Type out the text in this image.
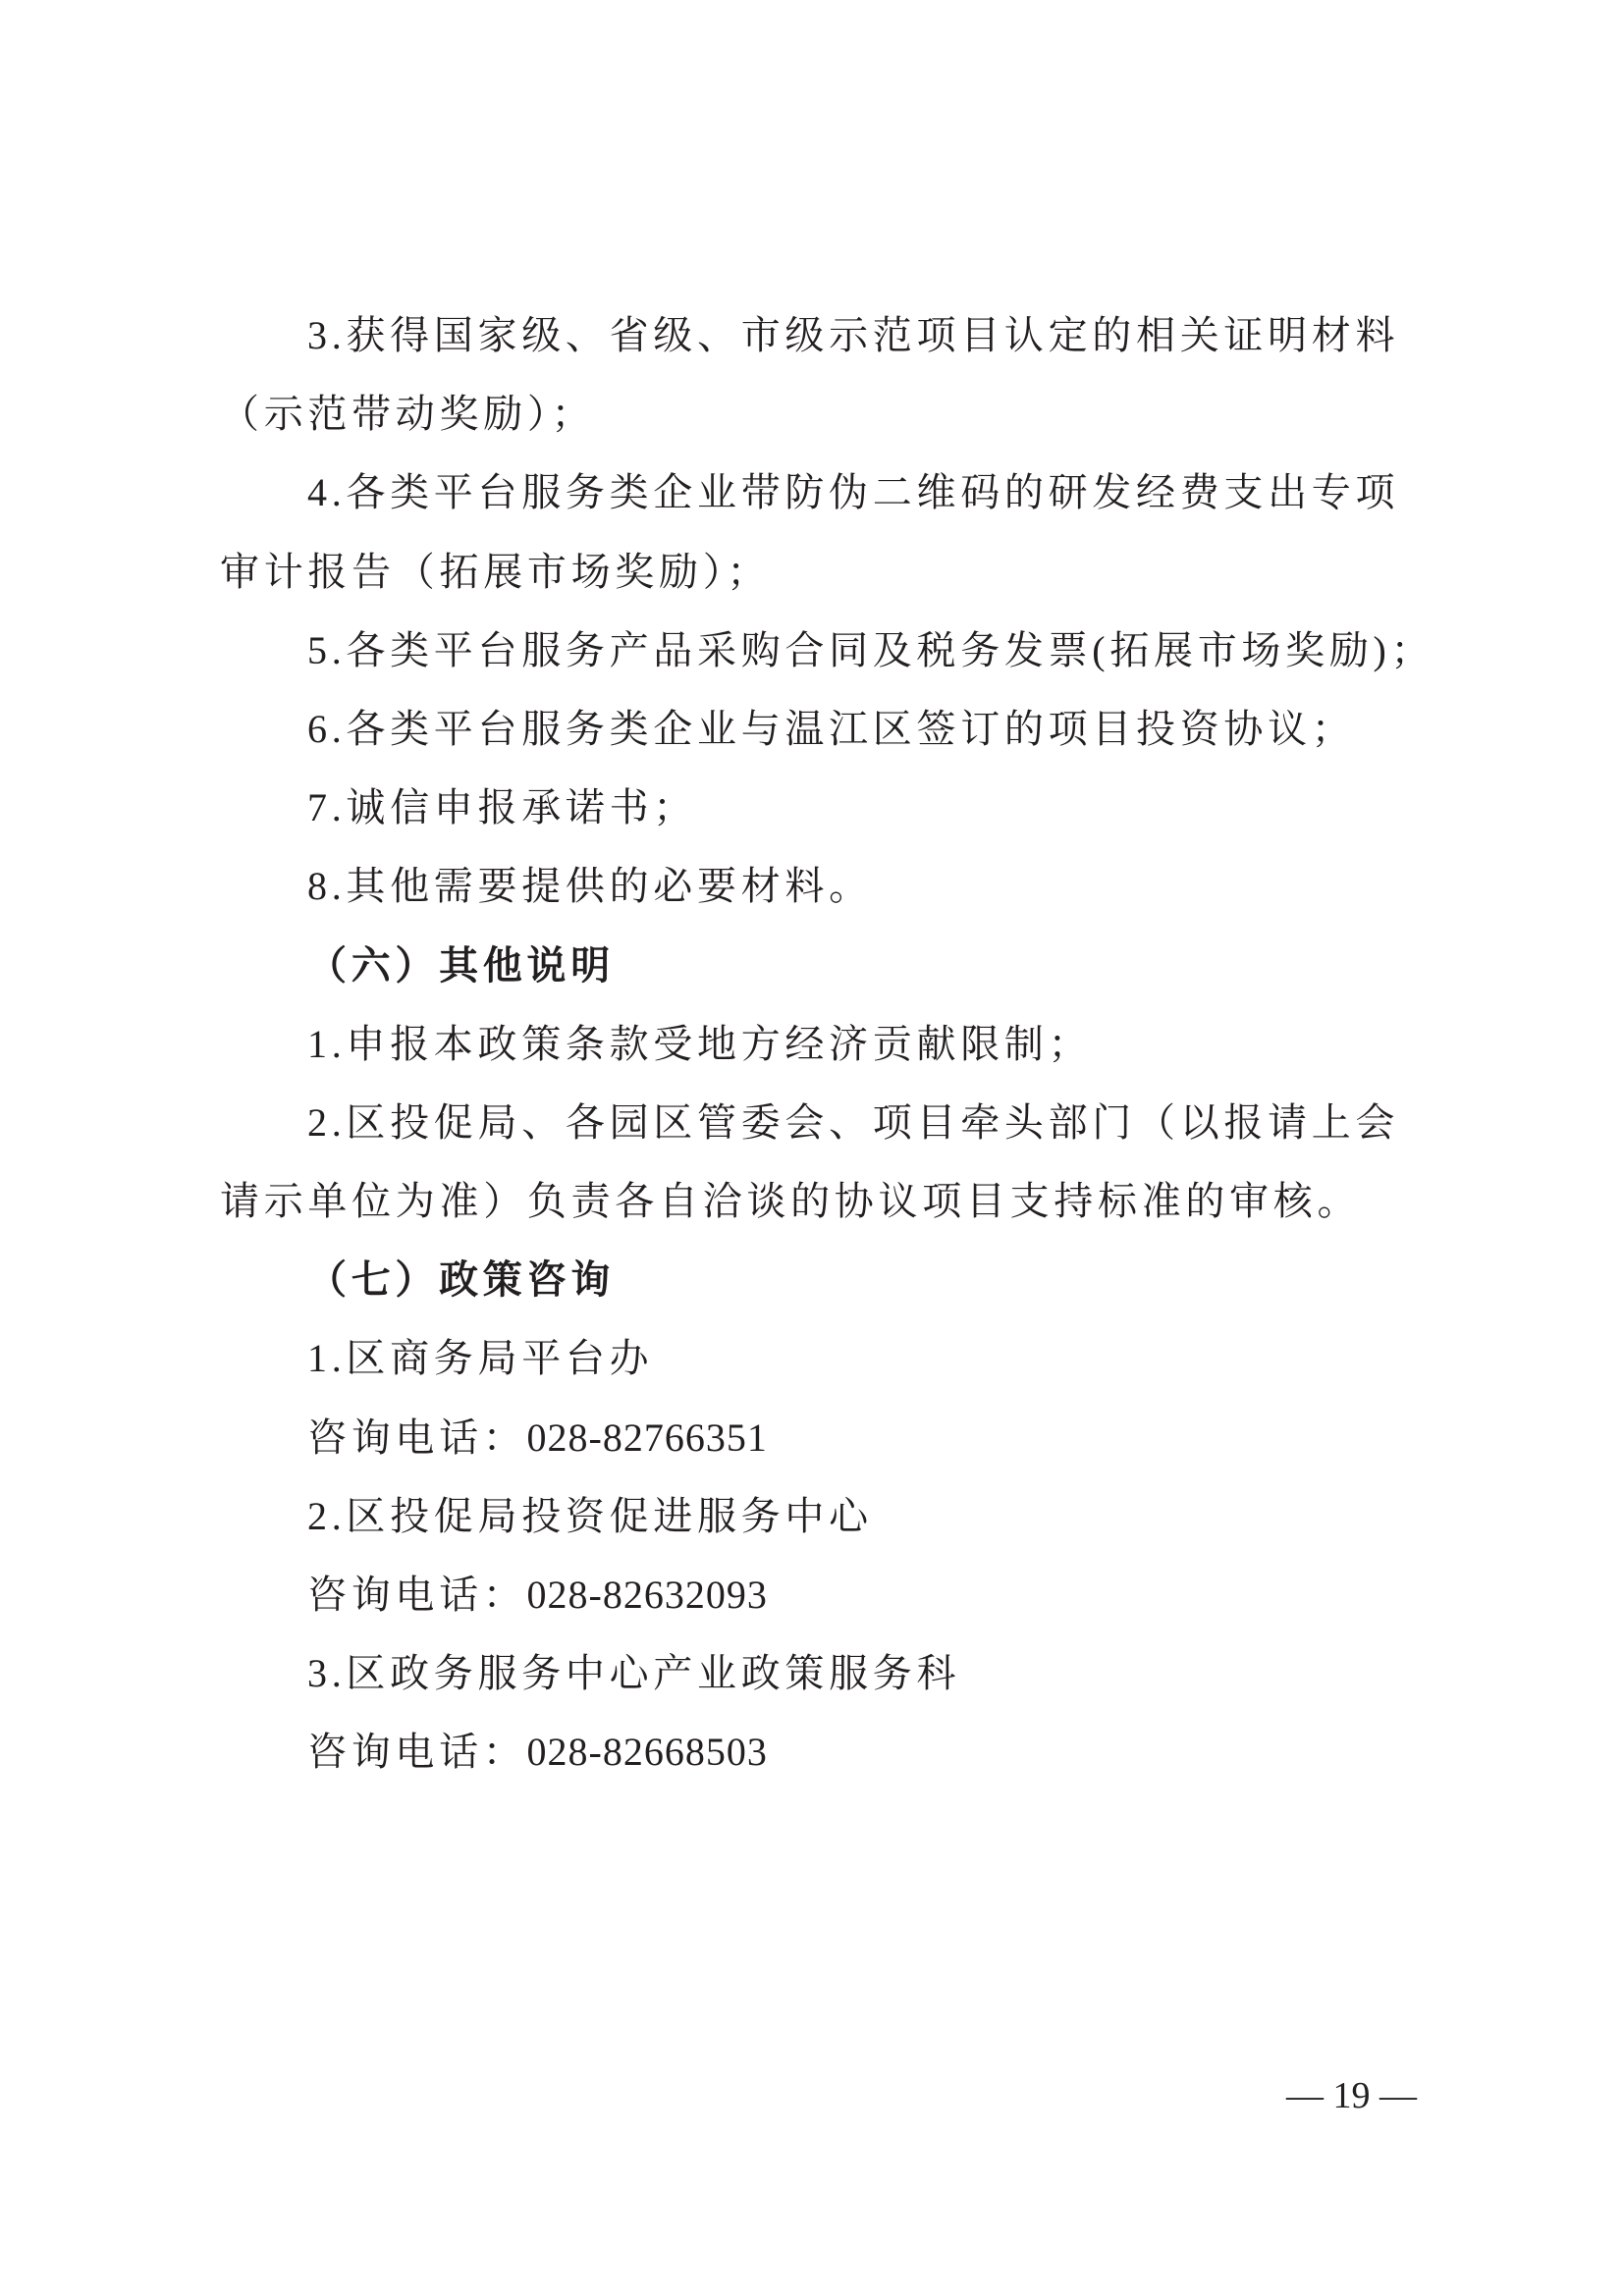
3.获得国家级、省级、市级示范项目认定的相关证明材料
（示范带动奖励）；
4.各类平台服务类企业带防伪二维码的研发经费支出专项
审计报告（拓展市场奖励）；
5.各类平台服务产品采购合同及税务发票(拓展市场奖励)；
6.各类平台服务类企业与温江区签订的项目投资协议；
7.诚信申报承诺书；
8.其他需要提供的必要材料。
（六）其他说明
1.申报本政策条款受地方经济贡献限制；
2.区投促局、各园区管委会、项目牵头部门（以报请上会
请示单位为准）负责各自洽谈的协议项目支持标准的审核。
（七）政策咨询
1.区商务局平台办
咨询电话：028-82766351
2.区投促局投资促进服务中心
咨询电话：028-82632093
3.区政务服务中心产业政策服务科
咨询电话：028-82668503
— 19 —
